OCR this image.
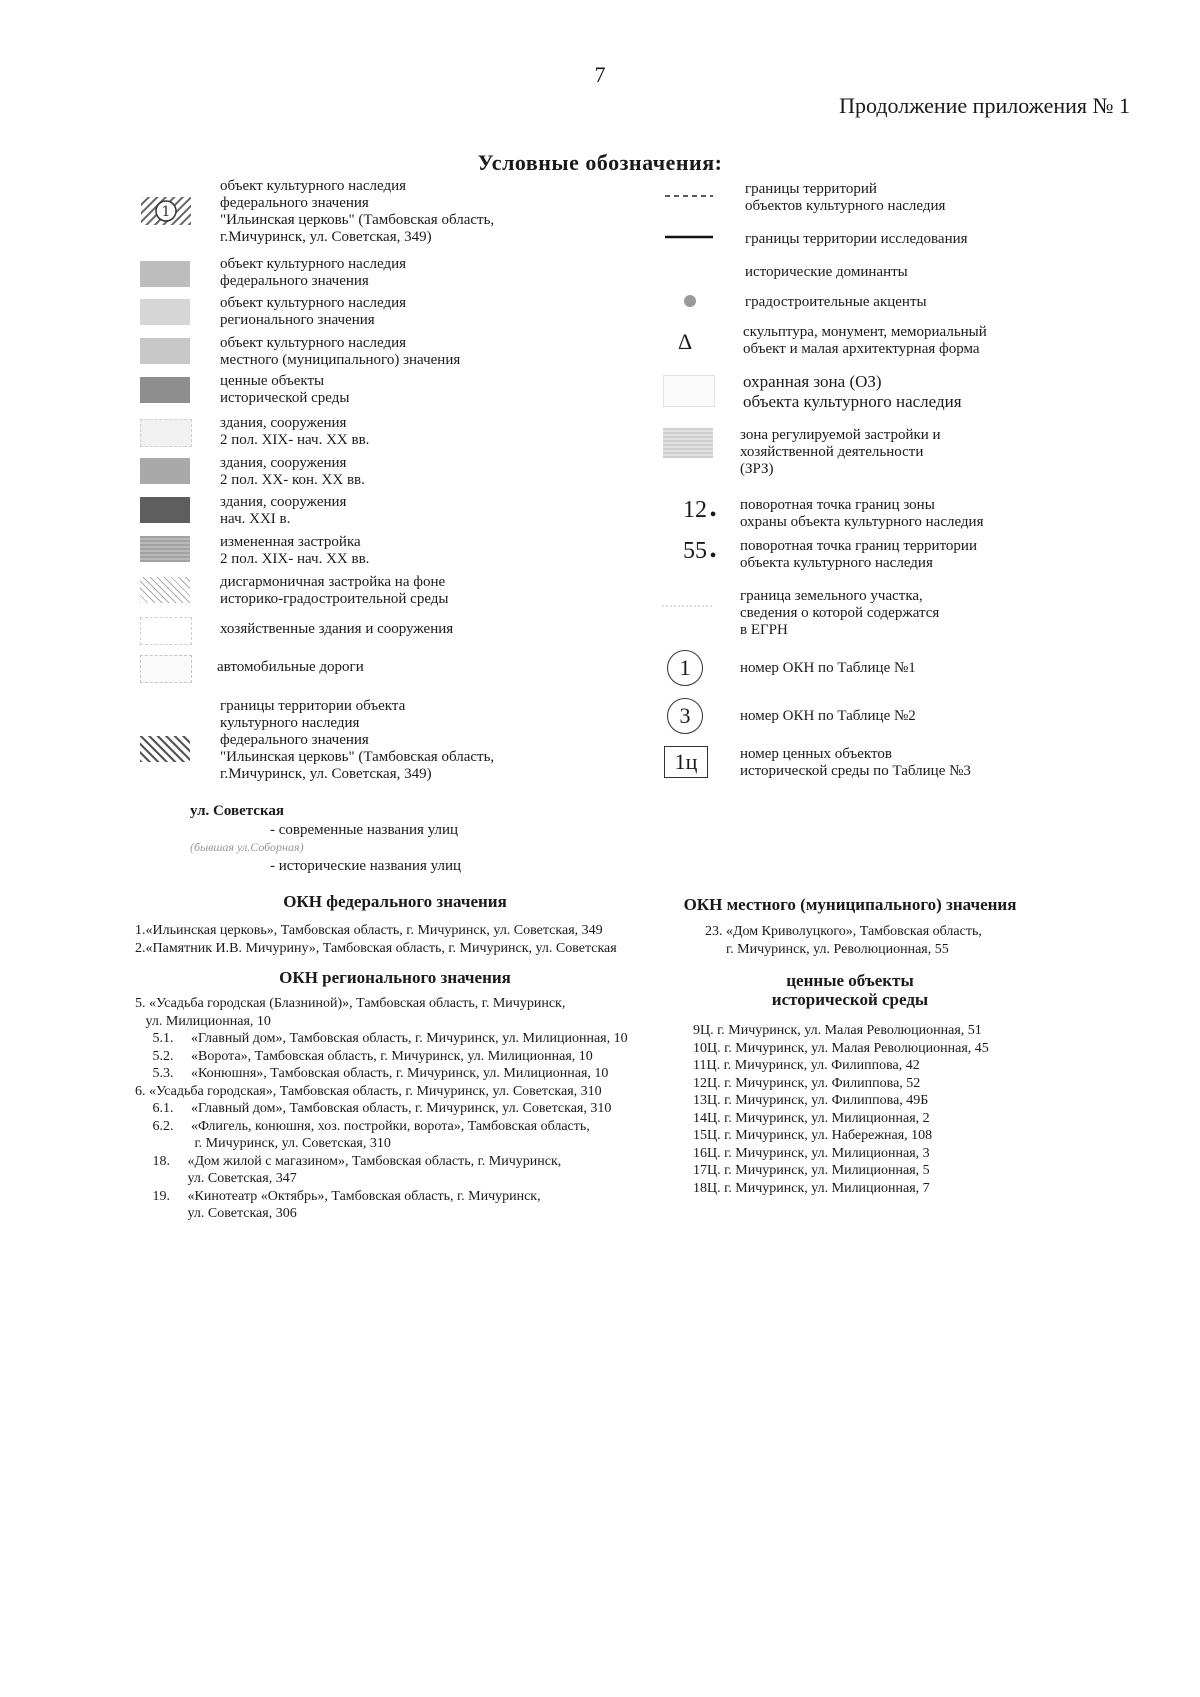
7
Продолжение приложения № 1
Условные обозначения:
1
объект культурного наследия
федерального значения
"Ильинская церковь" (Тамбовская область,
г.Мичуринск, ул. Советская, 349)
объект культурного наследия
федерального значения
объект культурного наследия
регионального значения
объект культурного наследия
местного (муниципального) значения
ценные объекты
исторической среды
здания, сооружения
2 пол. XIX- нач. XX вв.
здания, сооружения
2 пол. XX- кон. XX вв.
здания, сооружения
нач. XXI в.
измененная застройка
2 пол. XIX- нач. XX вв.
дисгармоничная застройка на фоне
историко-градостроительной среды
хозяйственные здания и сооружения
автомобильные дороги
границы территории объекта
культурного наследия
федерального значения
"Ильинская церковь" (Тамбовская область,
г.Мичуринск, ул. Советская, 349)
Δ
12 ●
55 ●
1
3
1ц
границы территорий
объектов культурного наследия
границы территории исследования
исторические доминанты
градостроительные акценты
скульптура, монумент, мемориальный
объект и малая архитектурная форма
охранная зона (ОЗ)
объекта культурного наследия
зона регулируемой застройки и
хозяйственной деятельности
(ЗРЗ)
поворотная точка границ зоны
охраны объекта культурного наследия
поворотная точка границ территории
объекта культурного наследия
граница земельного участка,
сведения о которой содержатся
в ЕГРН
номер ОКН по Таблице №1
номер ОКН по Таблице №2
номер ценных объектов
исторической среды по Таблице №3
ул. Советская
- современные названия улиц
(бывшая ул.Соборная)
- исторические названия улиц
ОКН федерального значения
1.«Ильинская церковь», Тамбовская область, г. Мичуринск, ул. Советская, 349
2.«Памятник И.В. Мичурину», Тамбовская область, г. Мичуринск, ул. Советская
ОКН регионального значения
5. «Усадьба городская (Блазниной)», Тамбовская область, г. Мичуринск,
ул. Милиционная, 10
5.1.     «Главный дом», Тамбовская область, г. Мичуринск, ул. Милиционная, 10
5.2.     «Ворота», Тамбовская область, г. Мичуринск, ул. Милиционная, 10
5.3.     «Конюшня», Тамбовская область, г. Мичуринск, ул. Милиционная, 10
6. «Усадьба городская», Тамбовская область, г. Мичуринск, ул. Советская, 310
6.1.     «Главный дом», Тамбовская область, г. Мичуринск, ул. Советская, 310
6.2.     «Флигель, конюшня, хоз. постройки, ворота», Тамбовская область,
г. Мичуринск, ул. Советская, 310
18.     «Дом жилой с магазином», Тамбовская область, г. Мичуринск,
ул. Советская, 347
19.     «Кинотеатр «Октябрь», Тамбовская область, г. Мичуринск,
ул. Советская, 306
ОКН местного (муниципального) значения
23. «Дом Криволуцкого», Тамбовская область,
г. Мичуринск, ул. Революционная, 55
ценные объекты
исторической среды
9Ц. г. Мичуринск, ул. Малая Революционная, 51
10Ц. г. Мичуринск, ул. Малая Революционная, 45
11Ц. г. Мичуринск, ул. Филиппова, 42
12Ц. г. Мичуринск, ул. Филиппова, 52
13Ц. г. Мичуринск, ул. Филиппова, 49Б
14Ц. г. Мичуринск, ул. Милиционная, 2
15Ц. г. Мичуринск, ул. Набережная, 108
16Ц. г. Мичуринск, ул. Милиционная, 3
17Ц. г. Мичуринск, ул. Милиционная, 5
18Ц. г. Мичуринск, ул. Милиционная, 7
